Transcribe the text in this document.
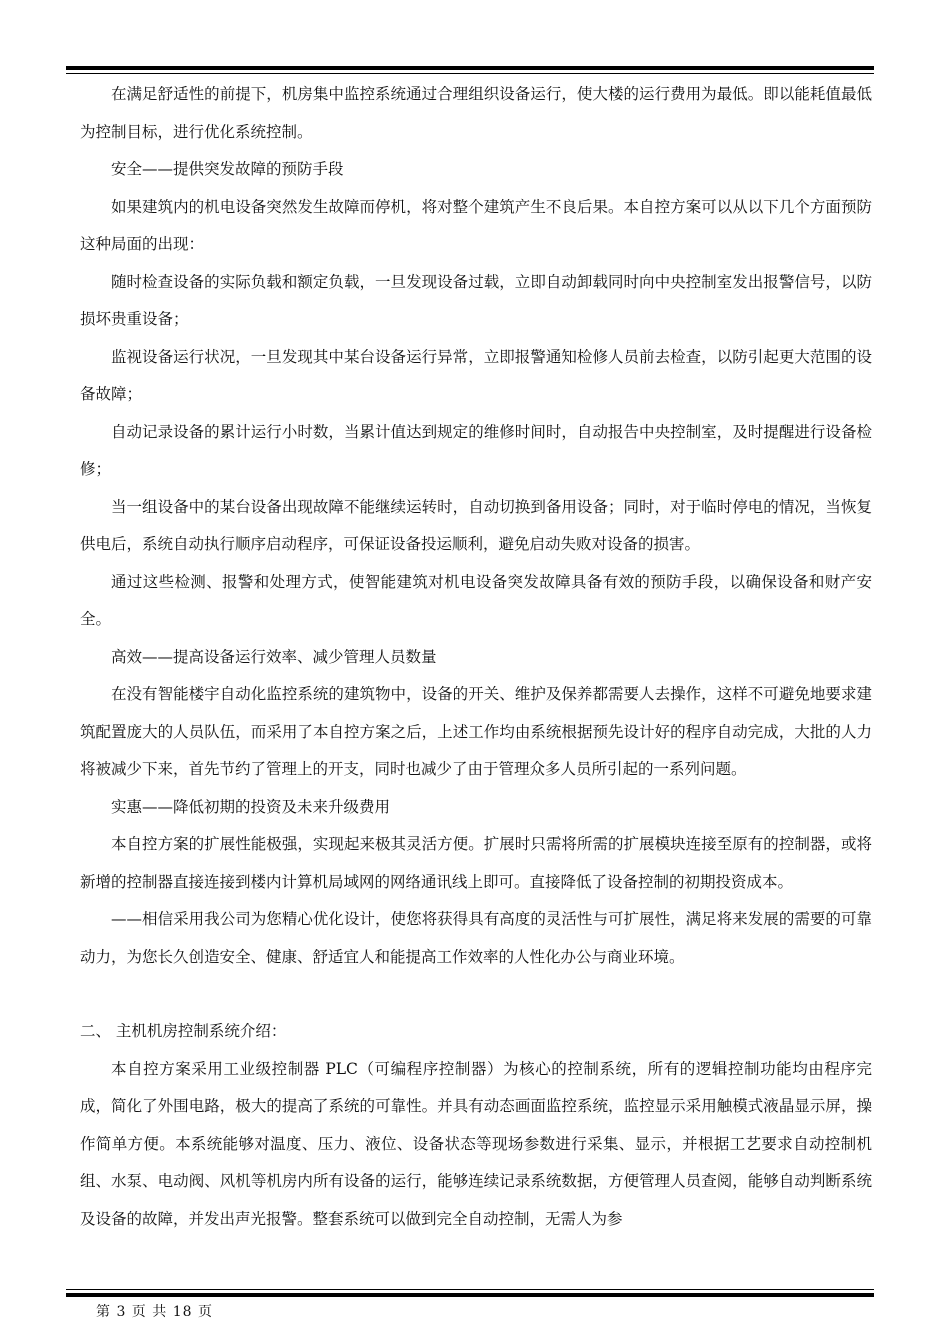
在满足舒适性的前提下，机房集中监控系统通过合理组织设备运行，使大楼的运行费用为最低。即以能耗值最低为控制目标，进行优化系统控制。

安全——提供突发故障的预防手段

如果建筑内的机电设备突然发生故障而停机，将对整个建筑产生不良后果。本自控方案可以从以下几个方面预防这种局面的出现：

随时检查设备的实际负载和额定负载，一旦发现设备过载，立即自动卸载同时向中央控制室发出报警信号，以防损坏贵重设备；

监视设备运行状况，一旦发现其中某台设备运行异常，立即报警通知检修人员前去检查，以防引起更大范围的设备故障；

自动记录设备的累计运行小时数，当累计值达到规定的维修时间时，自动报告中央控制室，及时提醒进行设备检修；

当一组设备中的某台设备出现故障不能继续运转时，自动切换到备用设备；同时，对于临时停电的情况，当恢复供电后，系统自动执行顺序启动程序，可保证设备投运顺利，避免启动失败对设备的损害。

通过这些检测、报警和处理方式，使智能建筑对机电设备突发故障具备有效的预防手段，以确保设备和财产安全。

高效——提高设备运行效率、减少管理人员数量

在没有智能楼宇自动化监控系统的建筑物中，设备的开关、维护及保养都需要人去操作，这样不可避免地要求建筑配置庞大的人员队伍，而采用了本自控方案之后，上述工作均由系统根据预先设计好的程序自动完成，大批的人力将被减少下来，首先节约了管理上的开支，同时也减少了由于管理众多人员所引起的一系列问题。

实惠——降低初期的投资及未来升级费用

本自控方案的扩展性能极强，实现起来极其灵活方便。扩展时只需将所需的扩展模块连接至原有的控制器，或将新增的控制器直接连接到楼内计算机局域网的网络通讯线上即可。直接降低了设备控制的初期投资成本。

——相信采用我公司为您精心优化设计，使您将获得具有高度的灵活性与可扩展性，满足将来发展的需要的可靠动力，为您长久创造安全、健康、舒适宜人和能提高工作效率的人性化办公与商业环境。

二、 主机机房控制系统介绍：

本自控方案采用工业级控制器 PLC（可编程序控制器）为核心的控制系统，所有的逻辑控制功能均由程序完成，简化了外围电路，极大的提高了系统的可靠性。并具有动态画面监控系统，监控显示采用触模式液晶显示屏，操作简单方便。本系统能够对温度、压力、液位、设备状态等现场参数进行采集、显示，并根据工艺要求自动控制机组、水泵、电动阀、风机等机房内所有设备的运行，能够连续记录系统数据，方便管理人员查阅，能够自动判断系统及设备的故障，并发出声光报警。整套系统可以做到完全自动控制，无需人为参

第 3 页 共 18 页
